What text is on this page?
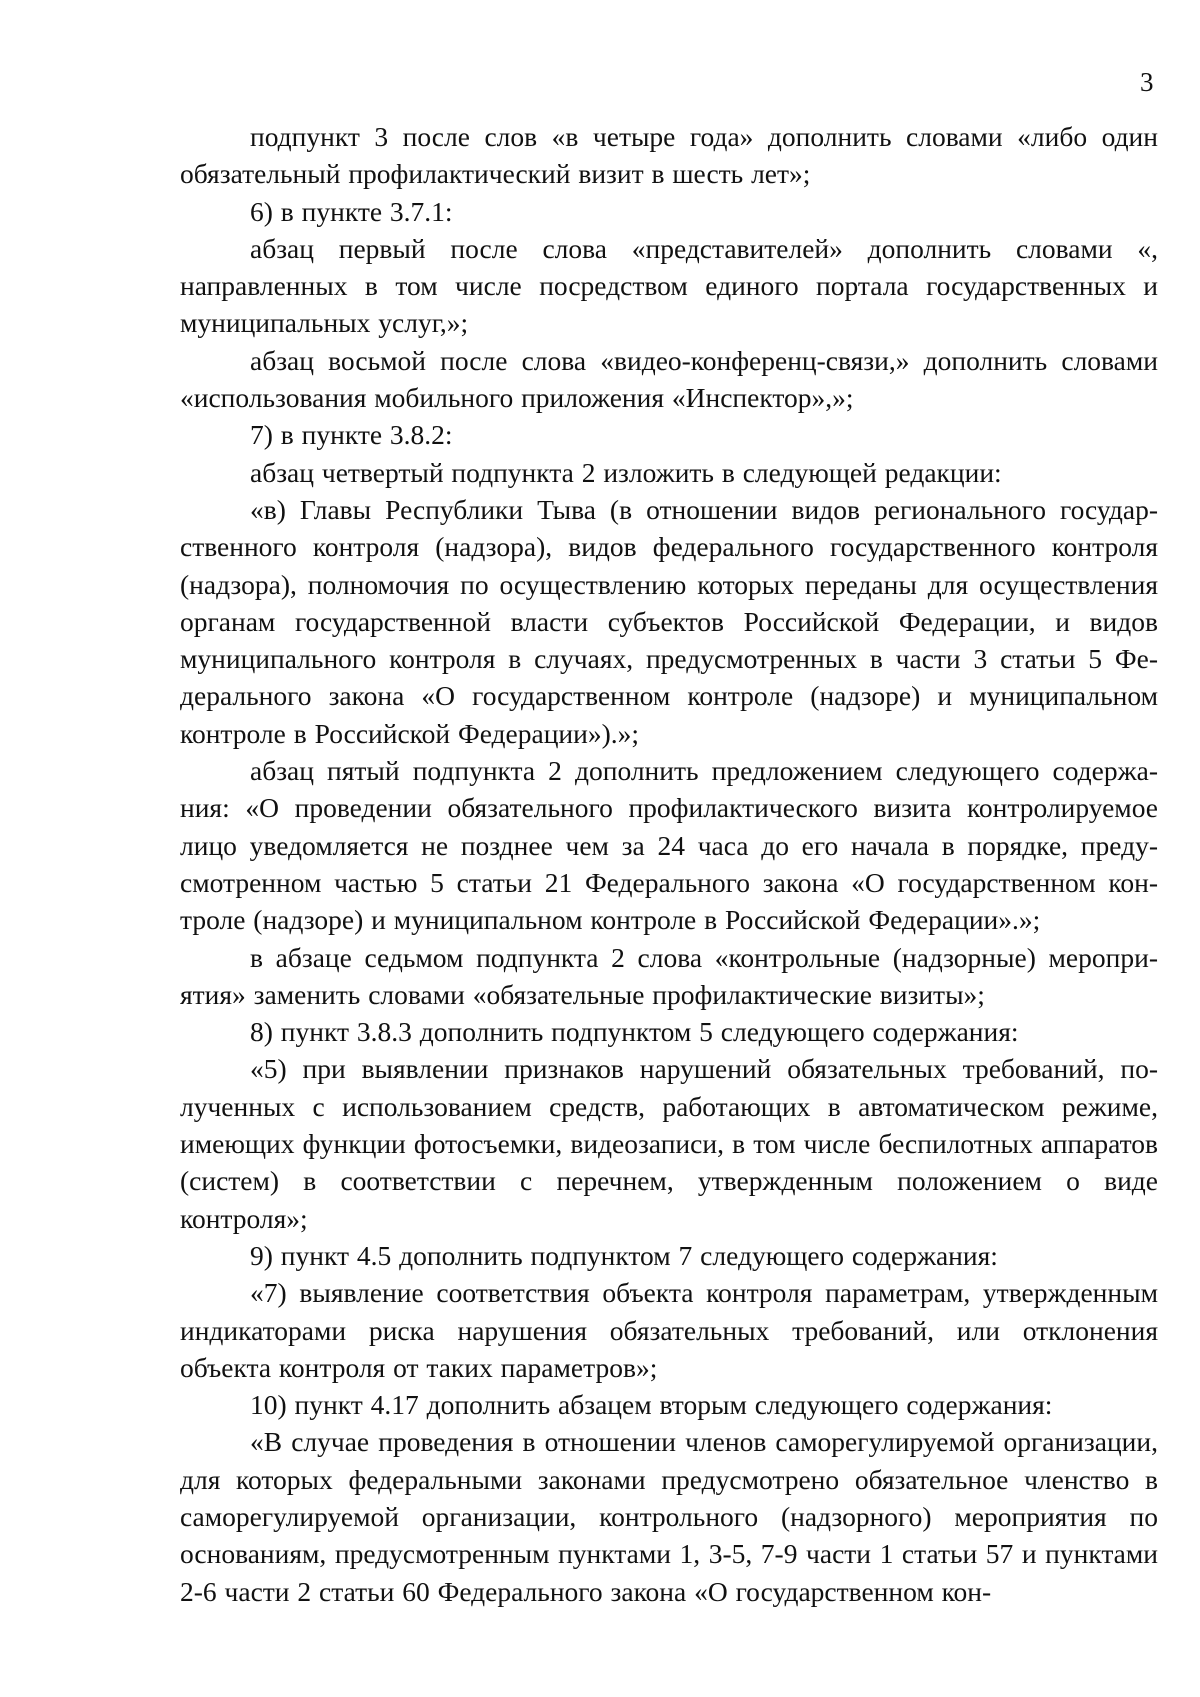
3

подпункт 3 после слов «в четыре года» дополнить словами «либо один обязательный профилактический визит в шесть лет»;

6) в пункте 3.7.1:

абзац первый после слова «представителей» дополнить словами «, направленных в том числе посредством единого портала государственных и муниципальных услуг,»;

абзац восьмой после слова «видео-конференц-связи,» дополнить словами «использования мобильного приложения «Инспектор»,»;

7) в пункте 3.8.2:

абзац четвертый подпункта 2 изложить в следующей редакции:

«в) Главы Республики Тыва (в отношении видов регионального государственного контроля (надзора), видов федерального государственного контроля (надзора), полномочия по осуществлению которых переданы для осуществления органам государственной власти субъектов Российской Федерации, и видов муниципального контроля в случаях, предусмотренных в части 3 статьи 5 Федерального закона «О государственном контроле (надзоре) и муниципальном контроле в Российской Федерации»).»;

абзац пятый подпункта 2 дополнить предложением следующего содержания: «О проведении обязательного профилактического визита контролируемое лицо уведомляется не позднее чем за 24 часа до его начала в порядке, предусмотренном частью 5 статьи 21 Федерального закона «О государственном контроле (надзоре) и муниципальном контроле в Российской Федерации».»;

в абзаце седьмом подпункта 2 слова «контрольные (надзорные) мероприятия» заменить словами «обязательные профилактические визиты»;

8) пункт 3.8.3 дополнить подпунктом 5 следующего содержания:

«5) при выявлении признаков нарушений обязательных требований, полученных с использованием средств, работающих в автоматическом режиме, имеющих функции фотосъемки, видеозаписи, в том числе беспилотных аппаратов (систем) в соответствии с перечнем, утвержденным положением о виде контроля»;

9) пункт 4.5 дополнить подпунктом 7 следующего содержания:

«7) выявление соответствия объекта контроля параметрам, утвержденным индикаторами риска нарушения обязательных требований, или отклонения объекта контроля от таких параметров»;

10) пункт 4.17 дополнить абзацем вторым следующего содержания:

«В случае проведения в отношении членов саморегулируемой организации, для которых федеральными законами предусмотрено обязательное членство в саморегулируемой организации, контрольного (надзорного) мероприятия по основаниям, предусмотренным пунктами 1, 3-5, 7-9 части 1 статьи 57 и пунктами 2-6 части 2 статьи 60 Федерального закона «О государственном кон-
